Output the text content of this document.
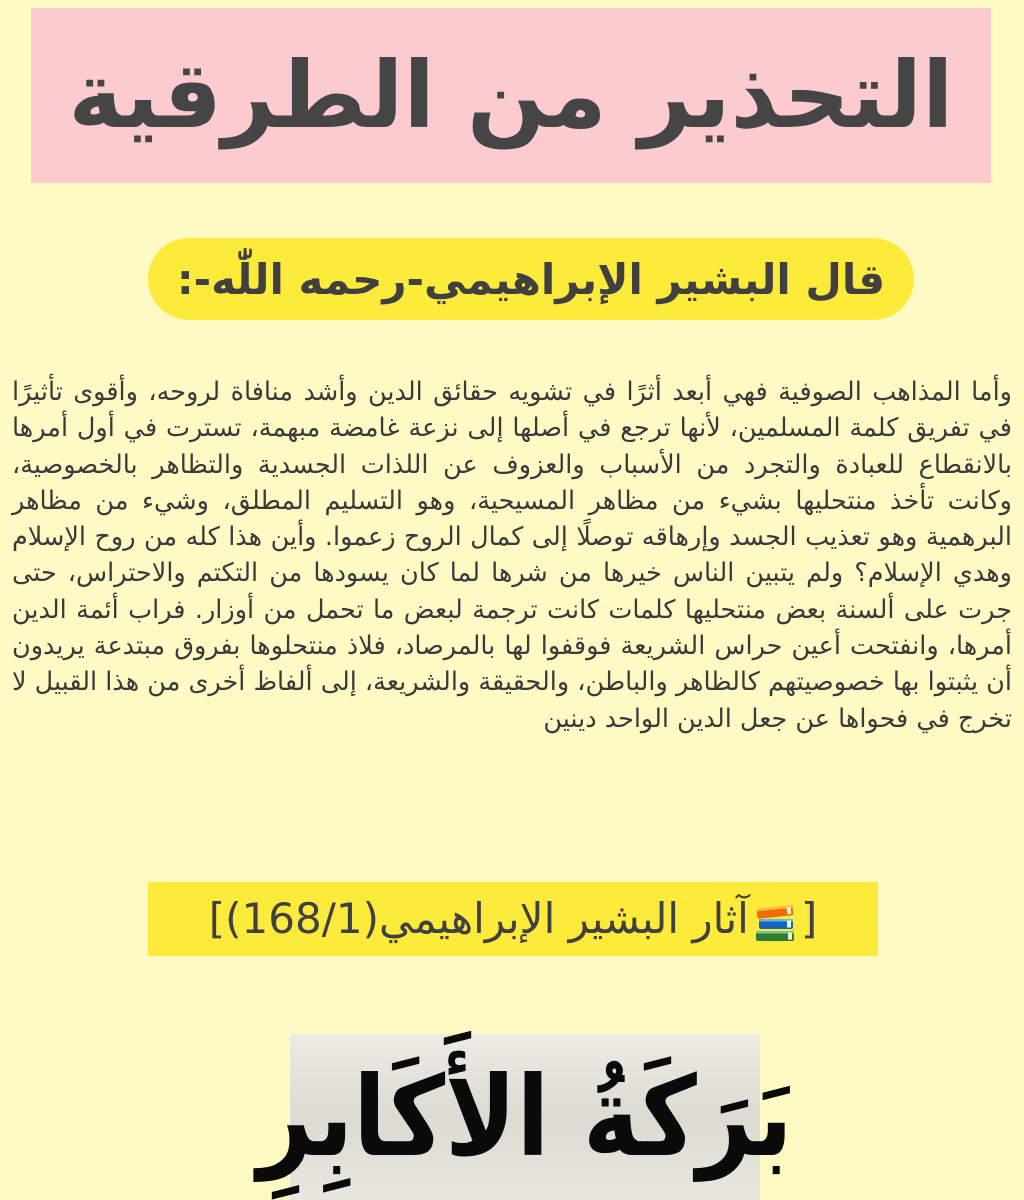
التحذير من الطرقية
قال البشير الإبراهيمي-رحمه اللّٰه-:

وأما المذاهب الصوفية فهي أبعد أثرًا في تشويه حقائق الدين وأشد منافاة لروحه، وأقوى تأثيرًا في تفريق كلمة المسلمين، لأنها ترجع في أصلها إلى نزعة غامضة مبهمة، تسترت في أول أمرها بالانقطاع للعبادة والتجرد من الأسباب والعزوف عن اللذات الجسدية والتظاهر بالخصوصية، وكانت تأخذ منتحليها بشيء من مظاهر المسيحية، وهو التسليم المطلق، وشيء من مظاهر البرهمية وهو تعذيب الجسد وإرهاقه توصلًا إلى كمال الروح زعموا. وأين هذا كله من روح الإسلام وهدي الإسلام؟ ولم يتبين الناس خيرها من شرها لما كان يسودها من التكتم والاحتراس، حتى جرت على ألسنة بعض منتحليها كلمات كانت ترجمة لبعض ما تحمل من أوزار. فراب أئمة الدين أمرها، وانفتحت أعين حراس الشريعة فوقفوا لها بالمرصاد، فلاذ منتحلوها بفروق مبتدعة يريدون أن يثبتوا بها خصوصيتهم كالظاهر والباطن، والحقيقة والشريعة، إلى ألفاظ أخرى من هذا القبيل لا تخرج في فحواها عن جعل الدين الواحد دينين

[آثار البشير الإبراهيمي(168/1)]
بَرَكَةُ الأَكَابِرِ
